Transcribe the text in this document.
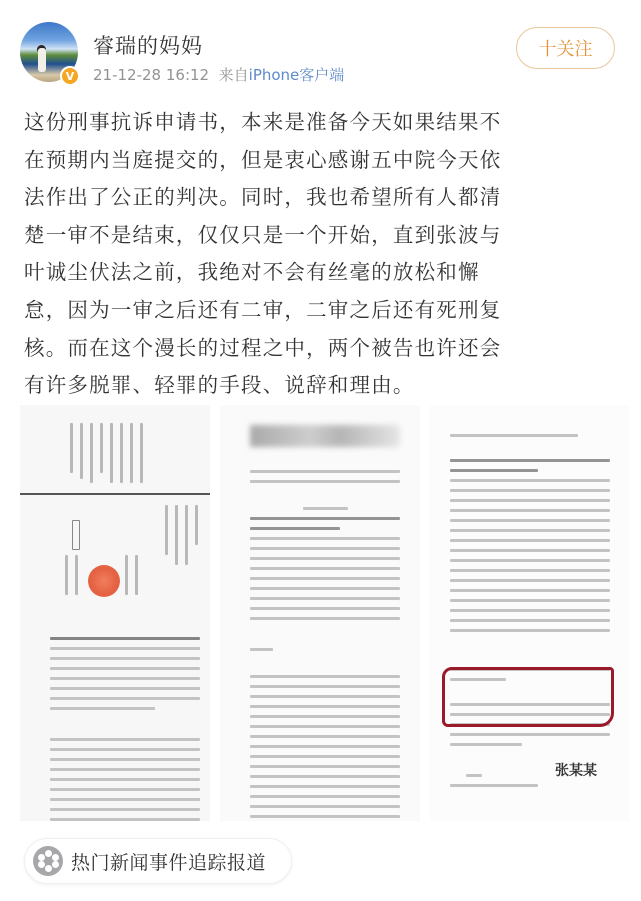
V
睿瑞的妈妈
21-12-28 16:12 来自iPhone客户端
十关注
这份刑事抗诉申请书，本来是准备今天如果结果不
在预期内当庭提交的，但是衷心感谢五中院今天依
法作出了公正的判决。同时，我也希望所有人都清
楚一审不是结束，仅仅只是一个开始，直到张波与
叶诚尘伏法之前，我绝对不会有丝毫的放松和懈
怠，因为一审之后还有二审，二审之后还有死刑复
核。而在这个漫长的过程之中，两个被告也许还会
有许多脱罪、轻罪的手段、说辞和理由。
张某某
热门新闻事件追踪报道
